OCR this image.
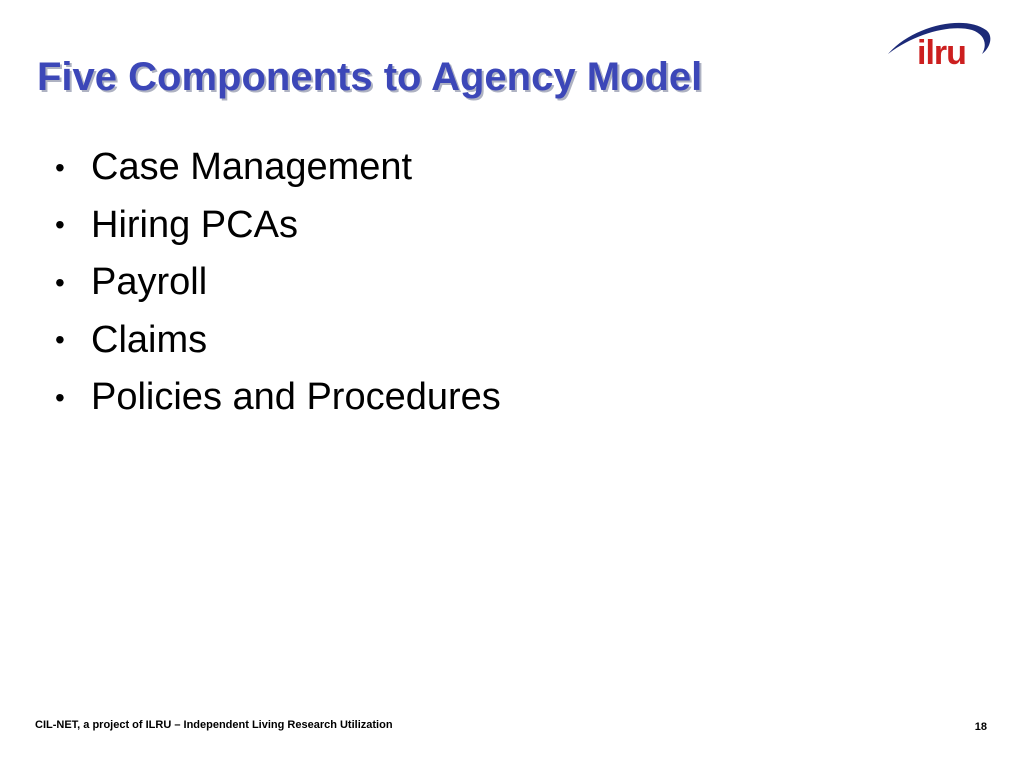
Five Components to Agency Model
ilru
• Case Management
• Hiring PCAs
• Payroll
• Claims
• Policies and Procedures
CIL-NET, a project of ILRU – Independent Living Research Utilization	18
